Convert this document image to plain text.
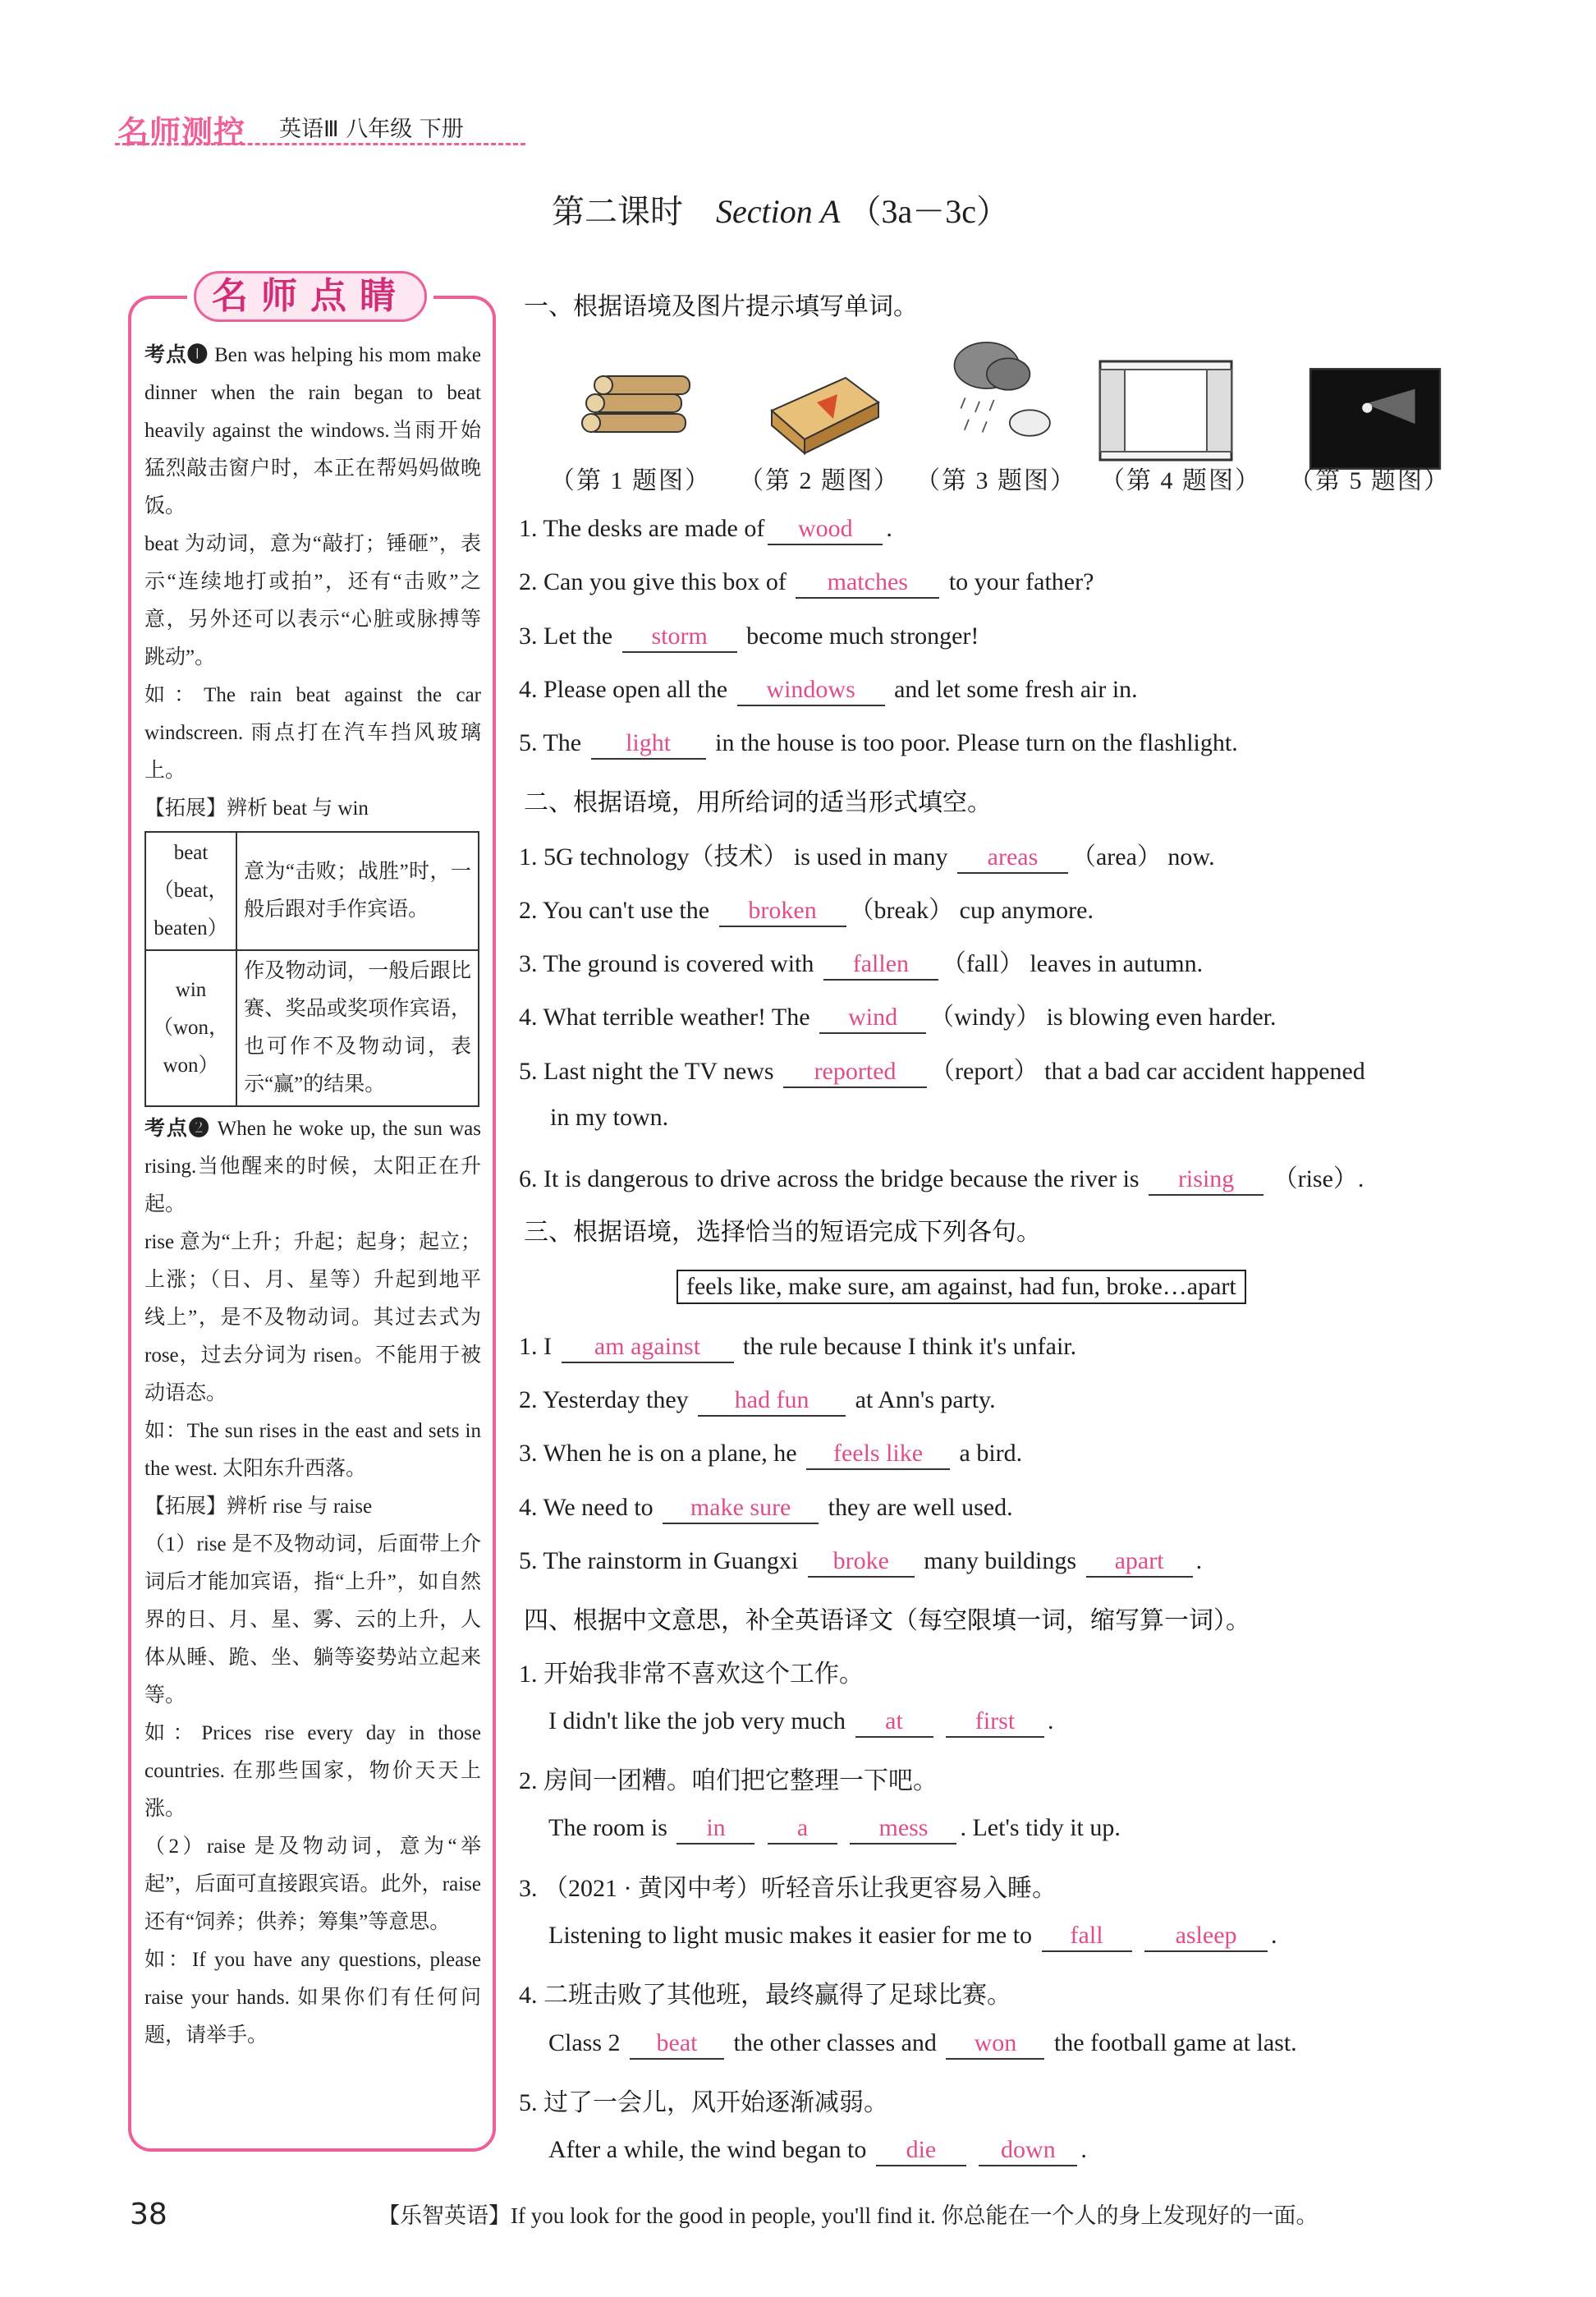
名师测控 英语Ⅲ 八年级 下册
第二课时 Section A （3a－3c）
名师点睛

考点❶ Ben was helping his mom make dinner when the rain began to beat heavily against the windows.当雨开始猛烈敲击窗户时，本正在帮妈妈做晚饭。

beat 为动词，意为“敲打；锤砸”，表示“连续地打或拍”，还有“击败”之意，另外还可以表示“心脏或脉搏等跳动”。

如：The rain beat against the car windscreen. 雨点打在汽车挡风玻璃上。

【拓展】辨析 beat 与 win

beat（beat，beaten）	意为“击败；战胜”时，一般后跟对手作宾语。
win（won，won）	作及物动词，一般后跟比赛、奖品或奖项作宾语，也可作不及物动词，表示“赢”的结果。

考点❷ When he woke up, the sun was rising.当他醒来的时候，太阳正在升起。

rise 意为“上升；升起；起身；起立；上涨；（日、月、星等）升起到地平线上”，是不及物动词。其过去式为 rose，过去分词为 risen。不能用于被动语态。

如：The sun rises in the east and sets in the west. 太阳东升西落。

【拓展】辨析 rise 与 raise

（1）rise 是不及物动词，后面带上介词后才能加宾语，指“上升”，如自然界的日、月、星、雾、云的上升，人体从睡、跪、坐、躺等姿势站立起来等。

如：Prices rise every day in those countries. 在那些国家，物价天天上涨。

（2）raise 是及物动词，意为“举起”，后面可直接跟宾语。此外，raise 还有“饲养；供养；筹集”等意思。

如：If you have any questions, please raise your hands. 如果你们有任何问题，请举手。

一、根据语境及图片提示填写单词。
（第 1 题图） （第 2 题图） （第 3 题图） （第 4 题图） （第 5 题图）
1. The desks are made of wood .
2. Can you give this box of matches to your father?
3. Let the storm become much stronger!
4. Please open all the windows and let some fresh air in.
5. The light in the house is too poor. Please turn on the flashlight.
二、根据语境，用所给词的适当形式填空。
1. 5G technology（技术） is used in many areas （area） now.
2. You can't use the broken （break） cup anymore.
3. The ground is covered with fallen （fall） leaves in autumn.
4. What terrible weather! The wind （windy） is blowing even harder.
5. Last night the TV news reported （report） that a bad car accident happened
in my town.
6. It is dangerous to drive across the bridge because the river is rising （rise）.
三、根据语境，选择恰当的短语完成下列各句。
feels like, make sure, am against, had fun, broke…apart
1. I am against the rule because I think it's unfair.
2. Yesterday they had fun at Ann's party.
3. When he is on a plane, he feels like a bird.
4. We need to make sure they are well used.
5. The rainstorm in Guangxi broke many buildings apart .
四、根据中文意思，补全英语译文（每空限填一词，缩写算一词）。
1. 开始我非常不喜欢这个工作。
I didn't like the job very much at	first .
2. 房间一团糟。咱们把它整理一下吧。
The room is in	a	mess . Let's tidy it up.
3. （2021 · 黄冈中考）听轻音乐让我更容易入睡。
Listening to light music makes it easier for me to fall	asleep .
4. 二班击败了其他班，最终赢得了足球比赛。
Class 2 beat the other classes and won the football game at last.
5. 过了一会儿，风开始逐渐减弱。
After a while, the wind began to die	down .
38	【乐智英语】If you look for the good in people, you'll find it. 你总能在一个人的身上发现好的一面。
